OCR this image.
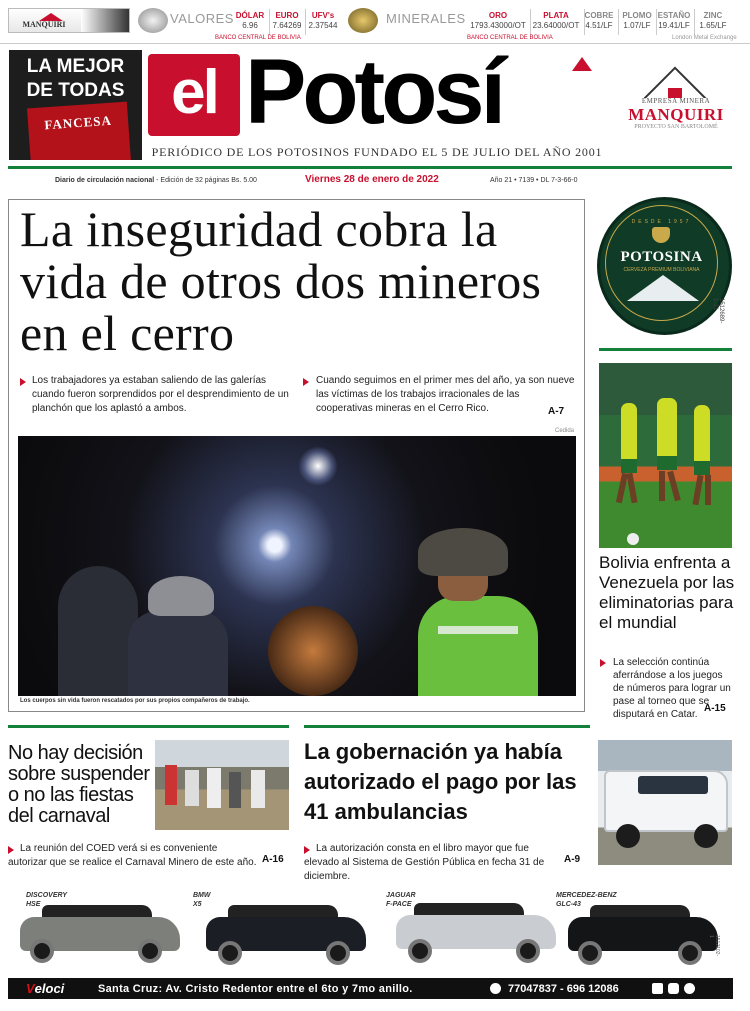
MANQUIRI	VALORES DÓLAR
6.96
EURO
7.64269
UFV's
2.37544
BANCO CENTRAL DE BOLIVIA
MINERALES	ORO
1793.43000/OT
PLATA
23.64000/OT
BANCO CENTRAL DE BOLIVIA
COBRE
4.51/LF
PLOMO
1.07/LF
ESTAÑO
19.41/LF
ZINC
1.65/LF
London Metal Exchange
LA MEJOR
DE TODAS
FANCESA el Potosí	EMPRESA MINERA
MANQUIRI
PROYECTO SAN BARTOLOMÉ
PERIÓDICO DE LOS POTOSINOS FUNDADO EL 5 DE JULIO DEL AÑO 2001
Diario de circulación nacional - Edición de 32 páginas Bs. 5.00	Viernes 28 de enero de 2022	Año 21 • 7139 • DL 7-3-66-0
La inseguridad cobra la vida de otros dos mineros en el cerro
Los trabajadores ya estaban saliendo de las galerías cuando fueron sorprendidos por el desprendimiento de un planchón que los aplastó a ambos.
Cuando seguimos en el primer mes del año, ya son nueve las víctimas de los trabajos irracionales de las cooperativas mineras en el Cerro Rico.	A-7
Cedida
Los cuerpos sin vida fueron rescatados por sus propios compañeros de trabajo.
DESDE 1957
POTOSINA
CERVEZA PREMIUM BOLIVIANA
1512689-1-31
Bolivia enfrenta a Venezuela por las eliminatorias para el mundial
La selección continúa aferrándose a los juegos de números para lograr un pase al torneo que se disputará en Catar.
A-15
No hay decisión sobre suspender o no las fiestas del carnaval
La reunión del COED verá si es conveniente autorizar que se realice el Carnaval Minero de este año. A-16
La gobernación ya había autorizado el pago por las 41 ambulancias
La autorización consta en el libro mayor que fue elevado al Sistema de Gestión Pública en fecha 31 de diciembre.
A-9
DISCOVERY
HSE
BMW
X5
JAGUAR
F-PACE
MERCEDEZ-BENZ
GLC-43
1512102-1
Veloci	Santa Cruz: Av. Cristo Redentor entre el 6to y 7mo anillo.	77047837 - 696 12086
